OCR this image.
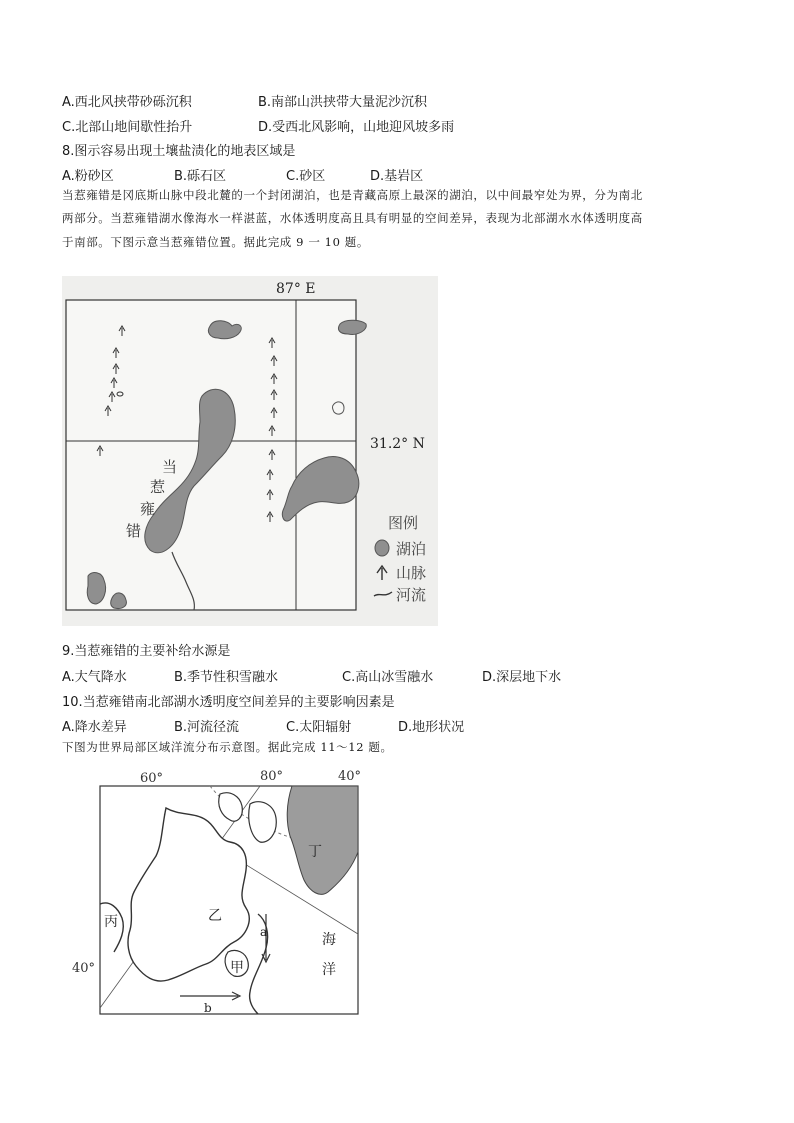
A.西北风挟带砂砾沉积	B.南部山洪挟带大量泥沙沉积
C.北部山地间歇性抬升	D.受西北风影响，山地迎风坡多雨
8.图示容易出现土壤盐渍化的地表区域是
A.粉砂区	B.砾石区	C.砂区	D.基岩区
当惹雍错是冈底斯山脉中段北麓的一个封闭湖泊，也是青藏高原上最深的湖泊，以中间最窄处为界，分为南北
两部分。当惹雍错湖水像海水一样湛蓝，水体透明度高且具有明显的空间差异，表现为北部湖水水体透明度高
于南部。下图示意当惹雍错位置。据此完成 9 一 10 题。
87° E
31.2° N
当
惹
雍
错	图例
湖泊
山脉
河流
9.当惹雍错的主要补给水源是
A.大气降水	B.季节性积雪融水	C.高山冰雪融水	D.深层地下水
10.当惹雍错南北部湖水透明度空间差异的主要影响因素是
A.降水差异	B.河流径流	C.太阳辐射	D.地形状况
下图为世界局部区域洋流分布示意图。据此完成 11～12 题。
60°	80°	40°
40°
丁
乙
丙
甲
海
洋
a
b
